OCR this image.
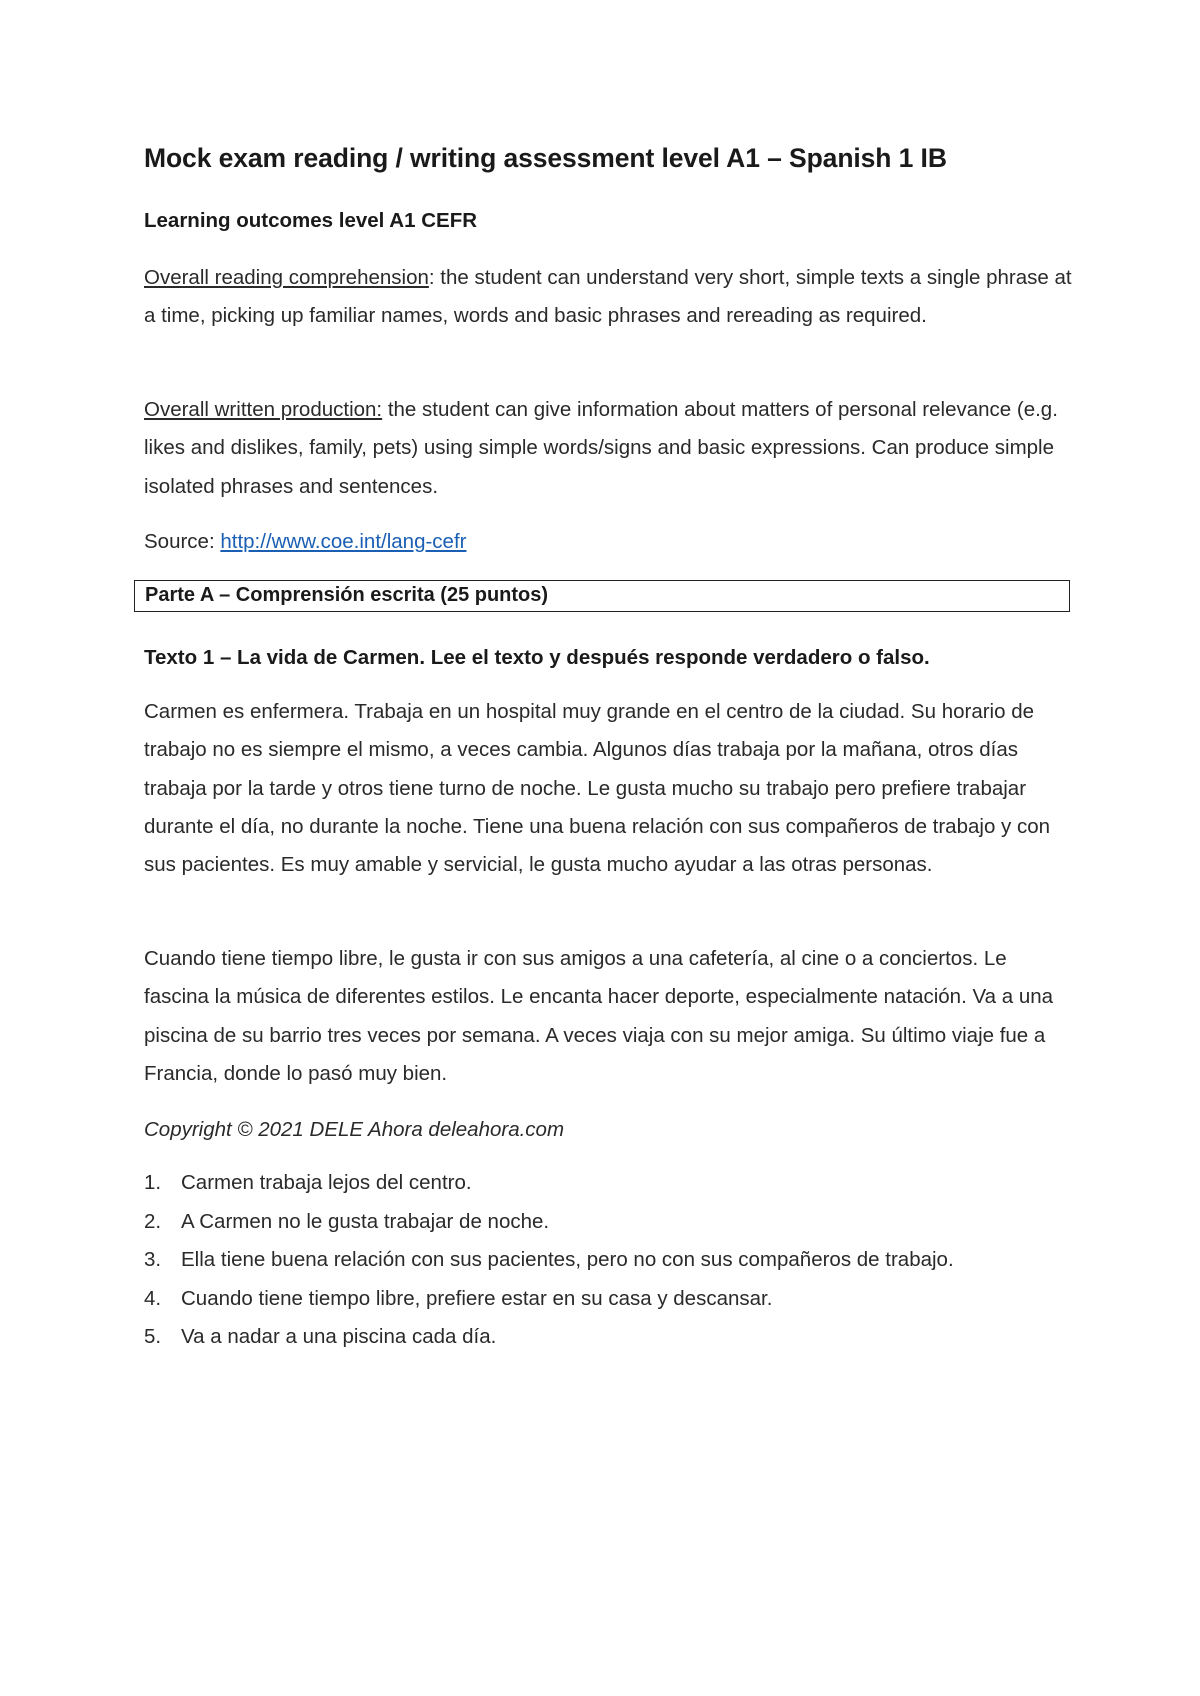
Mock exam reading / writing assessment level A1 – Spanish 1 IB
Learning outcomes level A1 CEFR

Overall reading comprehension: the student can understand very short, simple texts a single phrase at a time, picking up familiar names, words and basic phrases and rereading as required.

Overall written production: the student can give information about matters of personal relevance (e.g. likes and dislikes, family, pets) using simple words/signs and basic expressions. Can produce simple isolated phrases and sentences.

Source: http://www.coe.int/lang-cefr

Parte A – Comprensión escrita (25 puntos)

Texto 1 – La vida de Carmen. Lee el texto y después responde verdadero o falso.

Carmen es enfermera. Trabaja en un hospital muy grande en el centro de la ciudad. Su horario de trabajo no es siempre el mismo, a veces cambia. Algunos días trabaja por la mañana, otros días trabaja por la tarde y otros tiene turno de noche. Le gusta mucho su trabajo pero prefiere trabajar durante el día, no durante la noche. Tiene una buena relación con sus compañeros de trabajo y con sus pacientes. Es muy amable y servicial, le gusta mucho ayudar a las otras personas.

Cuando tiene tiempo libre, le gusta ir con sus amigos a una cafetería, al cine o a conciertos. Le fascina la música de diferentes estilos. Le encanta hacer deporte, especialmente natación. Va a una piscina de su barrio tres veces por semana. A veces viaja con su mejor amiga. Su último viaje fue a Francia, donde lo pasó muy bien.

Copyright © 2021 DELE Ahora deleahora.com

1. Carmen trabaja lejos del centro.
2. A Carmen no le gusta trabajar de noche.
3. Ella tiene buena relación con sus pacientes, pero no con sus compañeros de trabajo.
4. Cuando tiene tiempo libre, prefiere estar en su casa y descansar.
5. Va a nadar a una piscina cada día.
